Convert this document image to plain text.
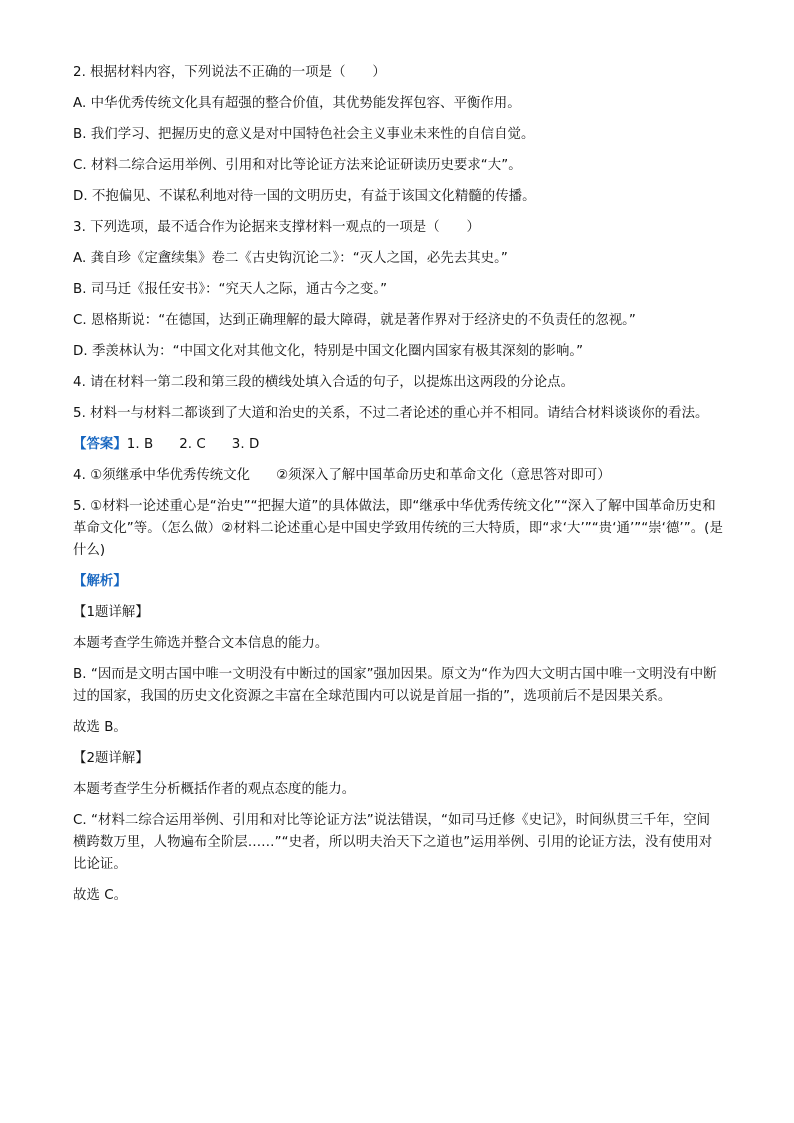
2. 根据材料内容，下列说法不正确的一项是（　　）
A. 中华优秀传统文化具有超强的整合价值，其优势能发挥包容、平衡作用。
B. 我们学习、把握历史的意义是对中国特色社会主义事业未来性的自信自觉。
C. 材料二综合运用举例、引用和对比等论证方法来论证研读历史要求“大”。
D. 不抱偏见、不谋私利地对待一国的文明历史，有益于该国文化精髓的传播。
3. 下列选项，最不适合作为论据来支撑材料一观点的一项是（　　）
A. 龚自珍《定盦续集》卷二《古史钩沉论二》：“灭人之国，必先去其史。”
B. 司马迁《报任安书》：“究天人之际，通古今之变。”
C. 恩格斯说：“在德国，达到正确理解的最大障碍，就是著作界对于经济史的不负责任的忽视。”
D. 季羡林认为：“中国文化对其他文化，特别是中国文化圈内国家有极其深刻的影响。”
4. 请在材料一第二段和第三段的横线处填入合适的句子，以提炼出这两段的分论点。
5. 材料一与材料二都谈到了大道和治史的关系，不过二者论述的重心并不相同。请结合材料谈谈你的看法。
【答案】1. B 2. C 3. D
4. ①须继承中华优秀传统文化 ②须深入了解中国革命历史和革命文化（意思答对即可）
5. ①材料一论述重心是“治史”“把握大道”的具体做法，即“继承中华优秀传统文化”“深入了解中国革命历史和革命文化”等。（怎么做）②材料二论述重心是中国史学致用传统的三大特质，即“求‘大’”“贵‘通’”“崇‘德’”。(是什么)
【解析】
【1题详解】
本题考查学生筛选并整合文本信息的能力。
B. “因而是文明古国中唯一文明没有中断过的国家”强加因果。原文为“作为四大文明古国中唯一文明没有中断过的国家，我国的历史文化资源之丰富在全球范围内可以说是首屈一指的”，选项前后不是因果关系。
故选 B。
【2题详解】
本题考查学生分析概括作者的观点态度的能力。
C. “材料二综合运用举例、引用和对比等论证方法”说法错误，“如司马迁修《史记》，时间纵贯三千年，空间横跨数万里，人物遍布全阶层……”“史者，所以明夫治天下之道也”运用举例、引用的论证方法，没有使用对比论证。
故选 C。
